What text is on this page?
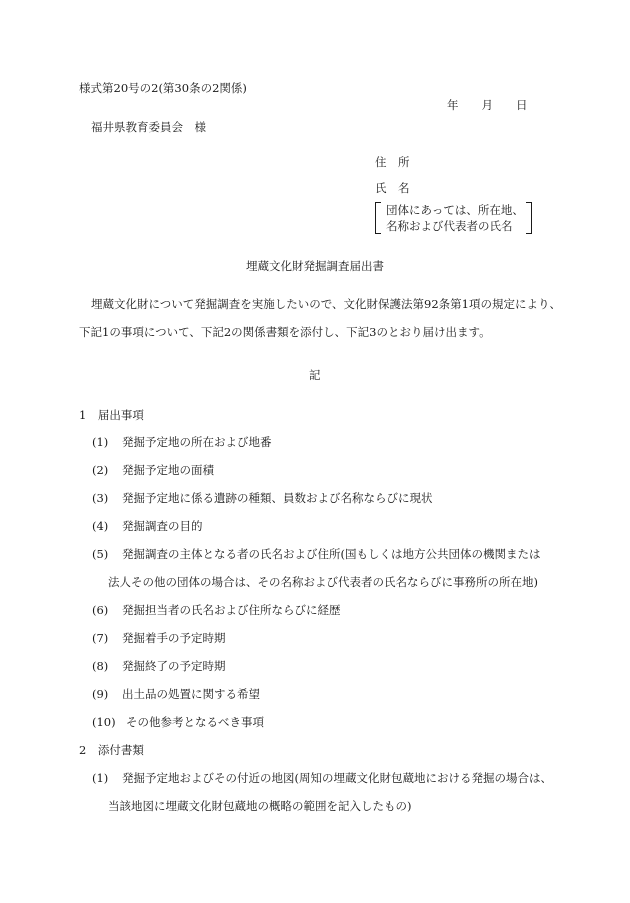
様式第20号の2(第30条の2関係)
年　　月　　日
福井県教育委員会　様
住　所
氏　名
団体にあっては、所在地、
名称および代表者の氏名
埋蔵文化財発掘調査届出書
埋蔵文化財について発掘調査を実施したいので、文化財保護法第92条第1項の規定により、
下記1の事項について、下記2の関係書類を添付し、下記3のとおり届け出ます。
記
1　届出事項
(1) 発掘予定地の所在および地番
(2) 発掘予定地の面積
(3) 発掘予定地に係る遺跡の種類、員数および名称ならびに現状
(4) 発掘調査の目的
(5) 発掘調査の主体となる者の氏名および住所(国もしくは地方公共団体の機関または
法人その他の団体の場合は、その名称および代表者の氏名ならびに事務所の所在地)
(6) 発掘担当者の氏名および住所ならびに経歴
(7) 発掘着手の予定時期
(8) 発掘終了の予定時期
(9) 出土品の処置に関する希望
(10) その他参考となるべき事項
2　添付書類
(1) 発掘予定地およびその付近の地図(周知の埋蔵文化財包蔵地における発掘の場合は、
当該地図に埋蔵文化財包蔵地の概略の範囲を記入したもの)
